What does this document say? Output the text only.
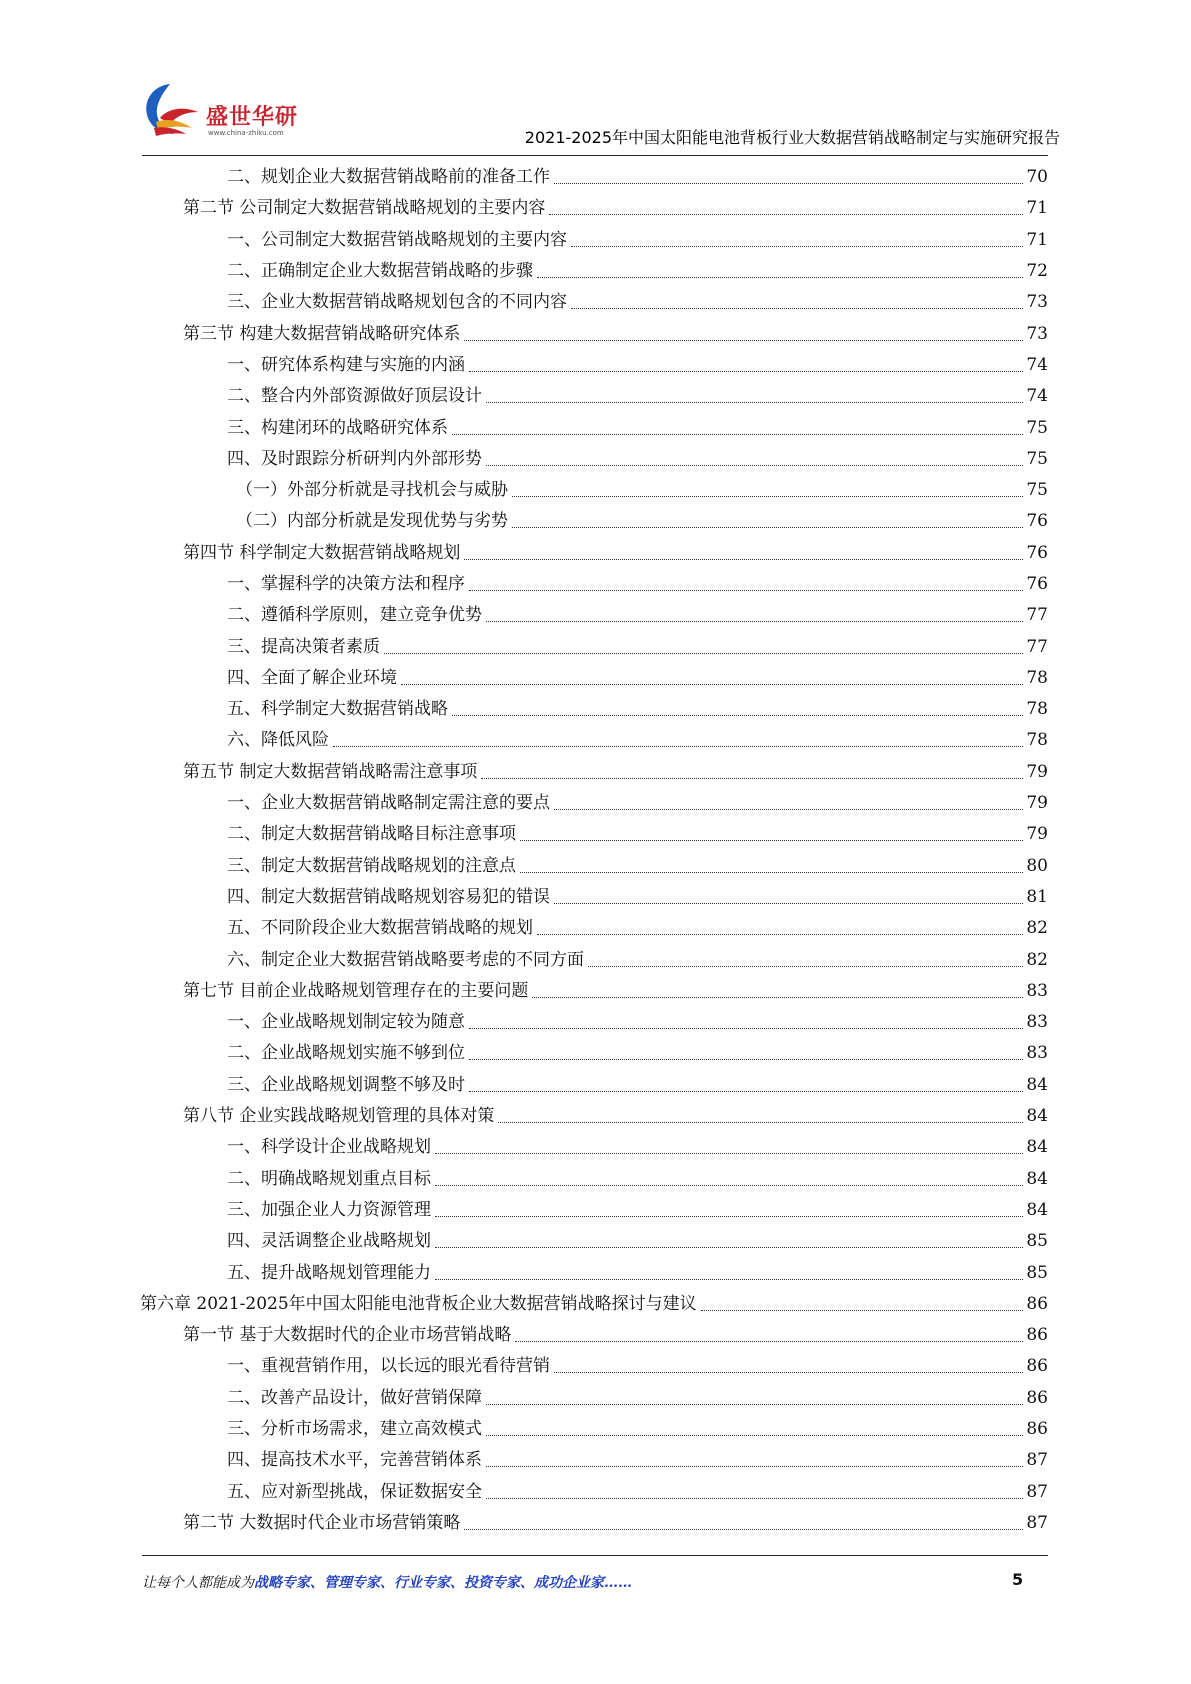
盛世华研
www.china-zhiku.com	2021-2025年中国太阳能电池背板行业大数据营销战略制定与实施研究报告
二、规划企业大数据营销战略前的准备工作	70
第二节 公司制定大数据营销战略规划的主要内容	71
一、公司制定大数据营销战略规划的主要内容	71
二、正确制定企业大数据营销战略的步骤	72
三、企业大数据营销战略规划包含的不同内容	73
第三节 构建大数据营销战略研究体系	73
一、研究体系构建与实施的内涵	74
二、整合内外部资源做好顶层设计	74
三、构建闭环的战略研究体系	75
四、及时跟踪分析研判内外部形势	75
（一）外部分析就是寻找机会与威胁	75
（二）内部分析就是发现优势与劣势	76
第四节 科学制定大数据营销战略规划	76
一、掌握科学的决策方法和程序	76
二、遵循科学原则，建立竞争优势	77
三、提高决策者素质	77
四、全面了解企业环境	78
五、科学制定大数据营销战略	78
六、降低风险	78
第五节 制定大数据营销战略需注意事项	79
一、企业大数据营销战略制定需注意的要点	79
二、制定大数据营销战略目标注意事项	79
三、制定大数据营销战略规划的注意点	80
四、制定大数据营销战略规划容易犯的错误	81
五、不同阶段企业大数据营销战略的规划	82
六、制定企业大数据营销战略要考虑的不同方面	82
第七节 目前企业战略规划管理存在的主要问题	83
一、企业战略规划制定较为随意	83
二、企业战略规划实施不够到位	83
三、企业战略规划调整不够及时	84
第八节 企业实践战略规划管理的具体对策	84
一、科学设计企业战略规划	84
二、明确战略规划重点目标	84
三、加强企业人力资源管理	84
四、灵活调整企业战略规划	85
五、提升战略规划管理能力	85
第六章 2021-2025年中国太阳能电池背板企业大数据营销战略探讨与建议	86
第一节 基于大数据时代的企业市场营销战略	86
一、重视营销作用，以长远的眼光看待营销	86
二、改善产品设计，做好营销保障	86
三、分析市场需求，建立高效模式	86
四、提高技术水平，完善营销体系	87
五、应对新型挑战，保证数据安全	87
第二节 大数据时代企业市场营销策略	87
让每个人都能成为战略专家、管理专家、行业专家、投资专家、成功企业家……	5
